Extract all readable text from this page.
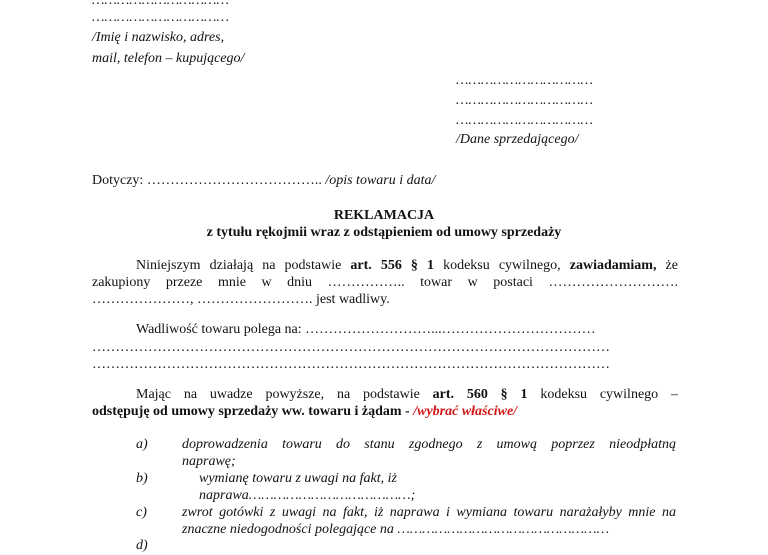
……………………………
……………………………
/Imię i nazwisko, adres,
mail, telefon – kupującego/
……………………………
……………………………
……………………………
/Dane sprzedającego/
Dotyczy: ……………………………….. /opis towaru i data/
REKLAMACJA
z tytułu rękojmii wraz z odstąpieniem od umowy sprzedaży
Niniejszym działają na podstawie art. 556 § 1 kodeksu cywilnego, zawiadamiam, że
zakupiony przeze mnie w dniu …………….. towar w postaci ……………………….
…………………, ……………………. jest wadliwy.
Wadliwość towaru polega na: ………………………...……………………………
…………………………………………………………………………………………………
…………………………………………………………………………………………………
Mając na uwadze powyższe, na podstawie art. 560 § 1 kodeksu cywilnego –
odstępuję od umowy sprzedaży ww. towaru i żądam - /wybrać właściwe/
a) doprowadzenia towaru do stanu zgodnego z umową poprzez nieodpłatną
naprawę;
b)	wymianę towaru z uwagi na fakt, iż
naprawa…………………………………;
c)	zwrot gotówki z uwagi na fakt, iż naprawa i wymiana towaru narażałyby mnie na
znaczne niedogodności polegające na ……………………………………………
d)
